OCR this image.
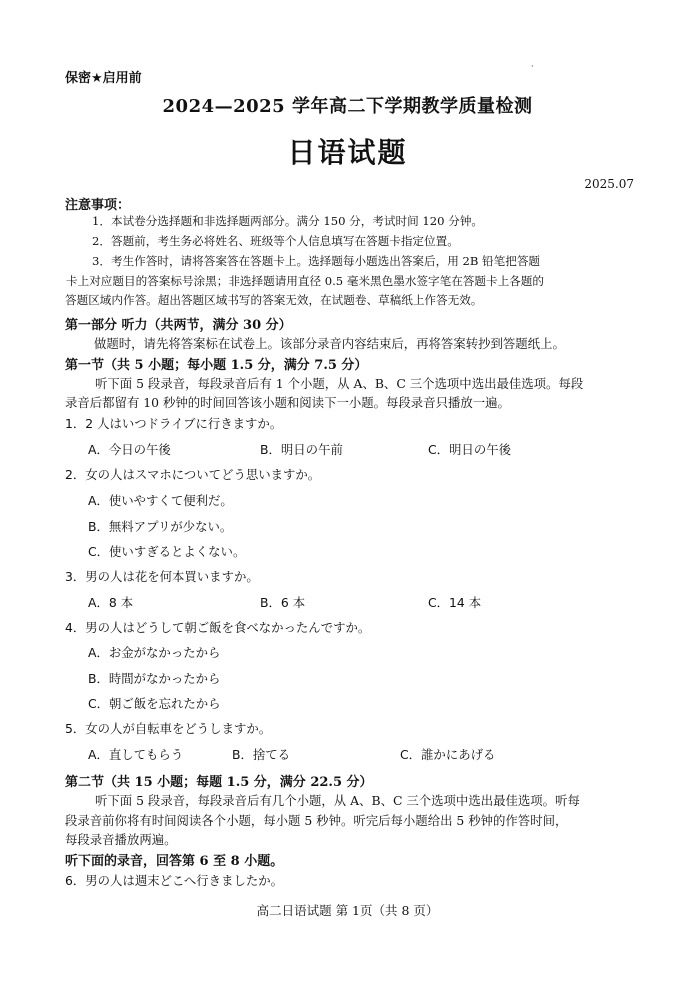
·
保密★启用前
2024—2025 学年高二下学期教学质量检测
日语试题
2025.07
注意事项：
1．本试卷分选择题和非选择题两部分。满分 150 分，考试时间 120 分钟。
2．答题前，考生务必将姓名、班级等个人信息填写在答题卡指定位置。
3．考生作答时，请将答案答在答题卡上。选择题每小题选出答案后，用 2B 铅笔把答题
卡上对应题目的答案标号涂黑；非选择题请用直径 0.5 毫米黑色墨水签字笔在答题卡上各题的
答题区域内作答。超出答题区域书写的答案无效，在试题卷、草稿纸上作答无效。
第一部分 听力（共两节，满分 30 分）
做题时，请先将答案标在试卷上。该部分录音内容结束后，再将答案转抄到答题纸上。
第一节（共 5 小题；每小题 1.5 分，满分 7.5 分）
听下面 5 段录音，每段录音后有 1 个小题，从 A、B、C 三个选项中选出最佳选项。每段
录音后都留有 10 秒钟的时间回答该小题和阅读下一小题。每段录音只播放一遍。
1．2 人はいつドライブに行きますか。
A．今日の午後	B．明日の午前	C．明日の午後
2．女の人はスマホについてどう思いますか。
A．使いやすくて便利だ。
B．無料アプリが少ない。
C．使いすぎるとよくない。
3．男の人は花を何本買いますか。
A．8 本	B．6 本	C．14 本
4．男の人はどうして朝ご飯を食べなかったんですか。
A．お金がなかったから
B．時間がなかったから
C．朝ご飯を忘れたから
5．女の人が自転車をどうしますか。
A．直してもらう	B．捨てる	C．誰かにあげる
第二节（共 15 小题；每题 1.5 分，满分 22.5 分）
听下面 5 段录音，每段录音后有几个小题，从 A、B、C 三个选项中选出最佳选项。听每
段录音前你将有时间阅读各个小题，每小题 5 秒钟。听完后每小题给出 5 秒钟的作答时间，
每段录音播放两遍。
听下面的录音，回答第 6 至 8 小题。
6．男の人は週末どこへ行きましたか。
高二日语试题 第 1页（共 8 页）
